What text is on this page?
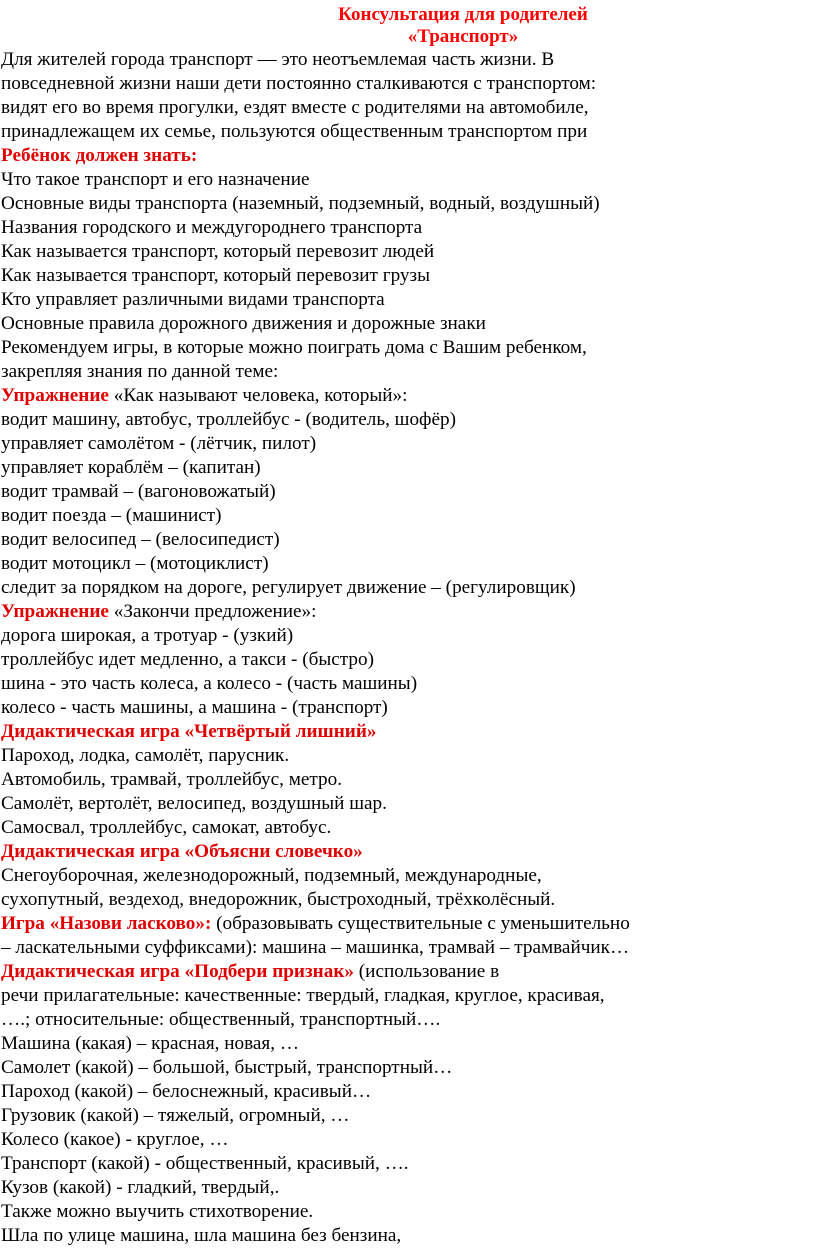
Консультация для родителей
«Транспорт»
Для жителей города транспорт — это неотъемлемая часть жизни. В
повседневной жизни наши дети постоянно сталкиваются с транспортом:
видят его во время прогулки, ездят вместе с родителями на автомобиле,
принадлежащем их семье, пользуются общественным транспортом при
Ребёнок должен знать:
Что такое транспорт и его назначение
Основные виды транспорта (наземный, подземный, водный, воздушный)
Названия городского и междугороднего транспорта
Как называется транспорт, который перевозит людей
Как называется транспорт, который перевозит грузы
Кто управляет различными видами транспорта
Основные правила дорожного движения и дорожные знаки
Рекомендуем игры, в которые можно поиграть дома с Вашим ребенком,
закрепляя знания по данной теме:
Упражнение «Как называют человека, который»:
водит машину, автобус, троллейбус - (водитель, шофёр)
управляет самолётом - (лётчик, пилот)
управляет кораблём – (капитан)
водит трамвай – (вагоновожатый)
водит поезда – (машинист)
водит велосипед – (велосипедист)
водит мотоцикл – (мотоциклист)
следит за порядком на дороге, регулирует движение – (регулировщик)
Упражнение «Закончи предложение»:
дорога широкая, а тротуар - (узкий)
троллейбус идет медленно, а такси - (быстро)
шина - это часть колеса, а колесо - (часть машины)
колесо - часть машины, а машина - (транспорт)
Дидактическая игра «Четвёртый лишний»
Пароход, лодка, самолёт, парусник.
Автомобиль, трамвай, троллейбус, метро.
Самолёт, вертолёт, велосипед, воздушный шар.
Самосвал, троллейбус, самокат, автобус.
Дидактическая игра «Объясни словечко»
Снегоуборочная, железнодорожный, подземный, международные,
сухопутный, вездеход, внедорожник, быстроходный, трёхколёсный.
Игра «Назови ласково»: (образовывать существительные с уменьшительно
– ласкательными суффиксами): машина – машинка, трамвай – трамвайчик…
Дидактическая игра «Подбери признак» (использование в
речи прилагательные: качественные: твердый, гладкая, круглое, красивая,
….; относительные: общественный, транспортный….
Машина (какая) – красная, новая, …
Самолет (какой) – большой, быстрый, транспортный…
Пароход (какой) – белоснежный, красивый…
Грузовик (какой) – тяжелый, огромный, …
Колесо (какое) - круглое, …
Транспорт (какой) - общественный, красивый, ….
Кузов (какой) - гладкий, твердый,.
Также можно выучить стихотворение.
Шла по улице машина, шла машина без бензина,
